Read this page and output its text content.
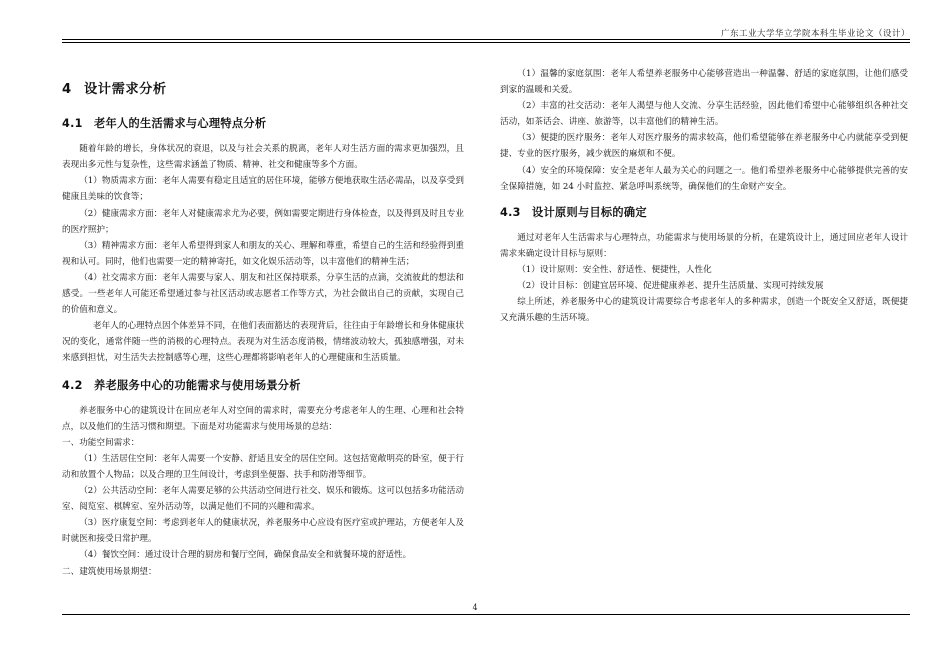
广东工业大学华立学院本科生毕业论文（设计）
4 设计需求分析
4.1 老年人的生活需求与心理特点分析

随着年龄的增长，身体状况的衰退，以及与社会关系的脱离，老年人对生活方面的需求更加强烈，且表现出多元性与复杂性，这些需求涵盖了物质、精神、社交和健康等多个方面。

（1）物质需求方面：老年人需要有稳定且适宜的居住环境，能够方便地获取生活必需品，以及享受到健康且美味的饮食等；

（2）健康需求方面：老年人对健康需求尤为必要，例如需要定期进行身体检查，以及得到及时且专业的医疗照护；

（3）精神需求方面：老年人希望得到家人和朋友的关心、理解和尊重，希望自己的生活和经验得到重视和认可。同时，他们也需要一定的精神寄托，如文化娱乐活动等，以丰富他们的精神生活；

（4）社交需求方面：老年人需要与家人、朋友和社区保持联系，分享生活的点滴，交流彼此的想法和感受。一些老年人可能还希望通过参与社区活动或志愿者工作等方式，为社会做出自己的贡献，实现自己的价值和意义。

老年人的心理特点因个体差异不同，在他们表面豁达的表现背后，往往由于年龄增长和身体健康状况的变化，通常伴随一些的消极的心理特点。表现为对生活态度消极，情绪波动较大，孤独感增强，对未来感到担忧，对生活失去控制感等心理，这些心理都将影响老年人的心理健康和生活质量。

4.2 养老服务中心的功能需求与使用场景分析

养老服务中心的建筑设计在回应老年人对空间的需求时，需要充分考虑老年人的生理、心理和社会特点，以及他们的生活习惯和期望。下面是对功能需求与使用场景的总结：

一、功能空间需求：

（1）生活居住空间：老年人需要一个安静、舒适且安全的居住空间。这包括宽敞明亮的卧室，便于行动和放置个人物品；以及合理的卫生间设计，考虑到坐便器、扶手和防滑等细节。

（2）公共活动空间：老年人需要足够的公共活动空间进行社交、娱乐和锻炼。这可以包括多功能活动室、阅览室、棋牌室、室外活动等，以满足他们不同的兴趣和需求。

（3）医疗康复空间：考虑到老年人的健康状况，养老服务中心应设有医疗室或护理站，方便老年人及时就医和接受日常护理。

（4）餐饮空间：通过设计合理的厨房和餐厅空间，确保食品安全和就餐环境的舒适性。

二、建筑使用场景期望：

（1）温馨的家庭氛围：老年人希望养老服务中心能够营造出一种温馨、舒适的家庭氛围，让他们感受到家的温暖和关爱。

（2）丰富的社交活动：老年人渴望与他人交流、分享生活经验，因此他们希望中心能够组织各种社交活动，如茶话会、讲座、旅游等，以丰富他们的精神生活。

（3）便捷的医疗服务：老年人对医疗服务的需求较高，他们希望能够在养老服务中心内就能享受到便捷、专业的医疗服务，减少就医的麻烦和不便。

（4）安全的环境保障：安全是老年人最为关心的问题之一。他们希望养老服务中心能够提供完善的安全保障措施，如 24 小时监控、紧急呼叫系统等，确保他们的生命财产安全。

4.3 设计原则与目标的确定

通过对老年人生活需求与心理特点，功能需求与使用场景的分析，在建筑设计上，通过回应老年人设计需求来确定设计目标与原则：

（1）设计原则：安全性、舒适性、便捷性，人性化

（2）设计目标：创建宜居环境、促进健康养老、提升生活质量、实现可持续发展

综上所述，养老服务中心的建筑设计需要综合考虑老年人的多种需求，创造一个既安全又舒适，既便捷又充满乐趣的生活环境。

4
